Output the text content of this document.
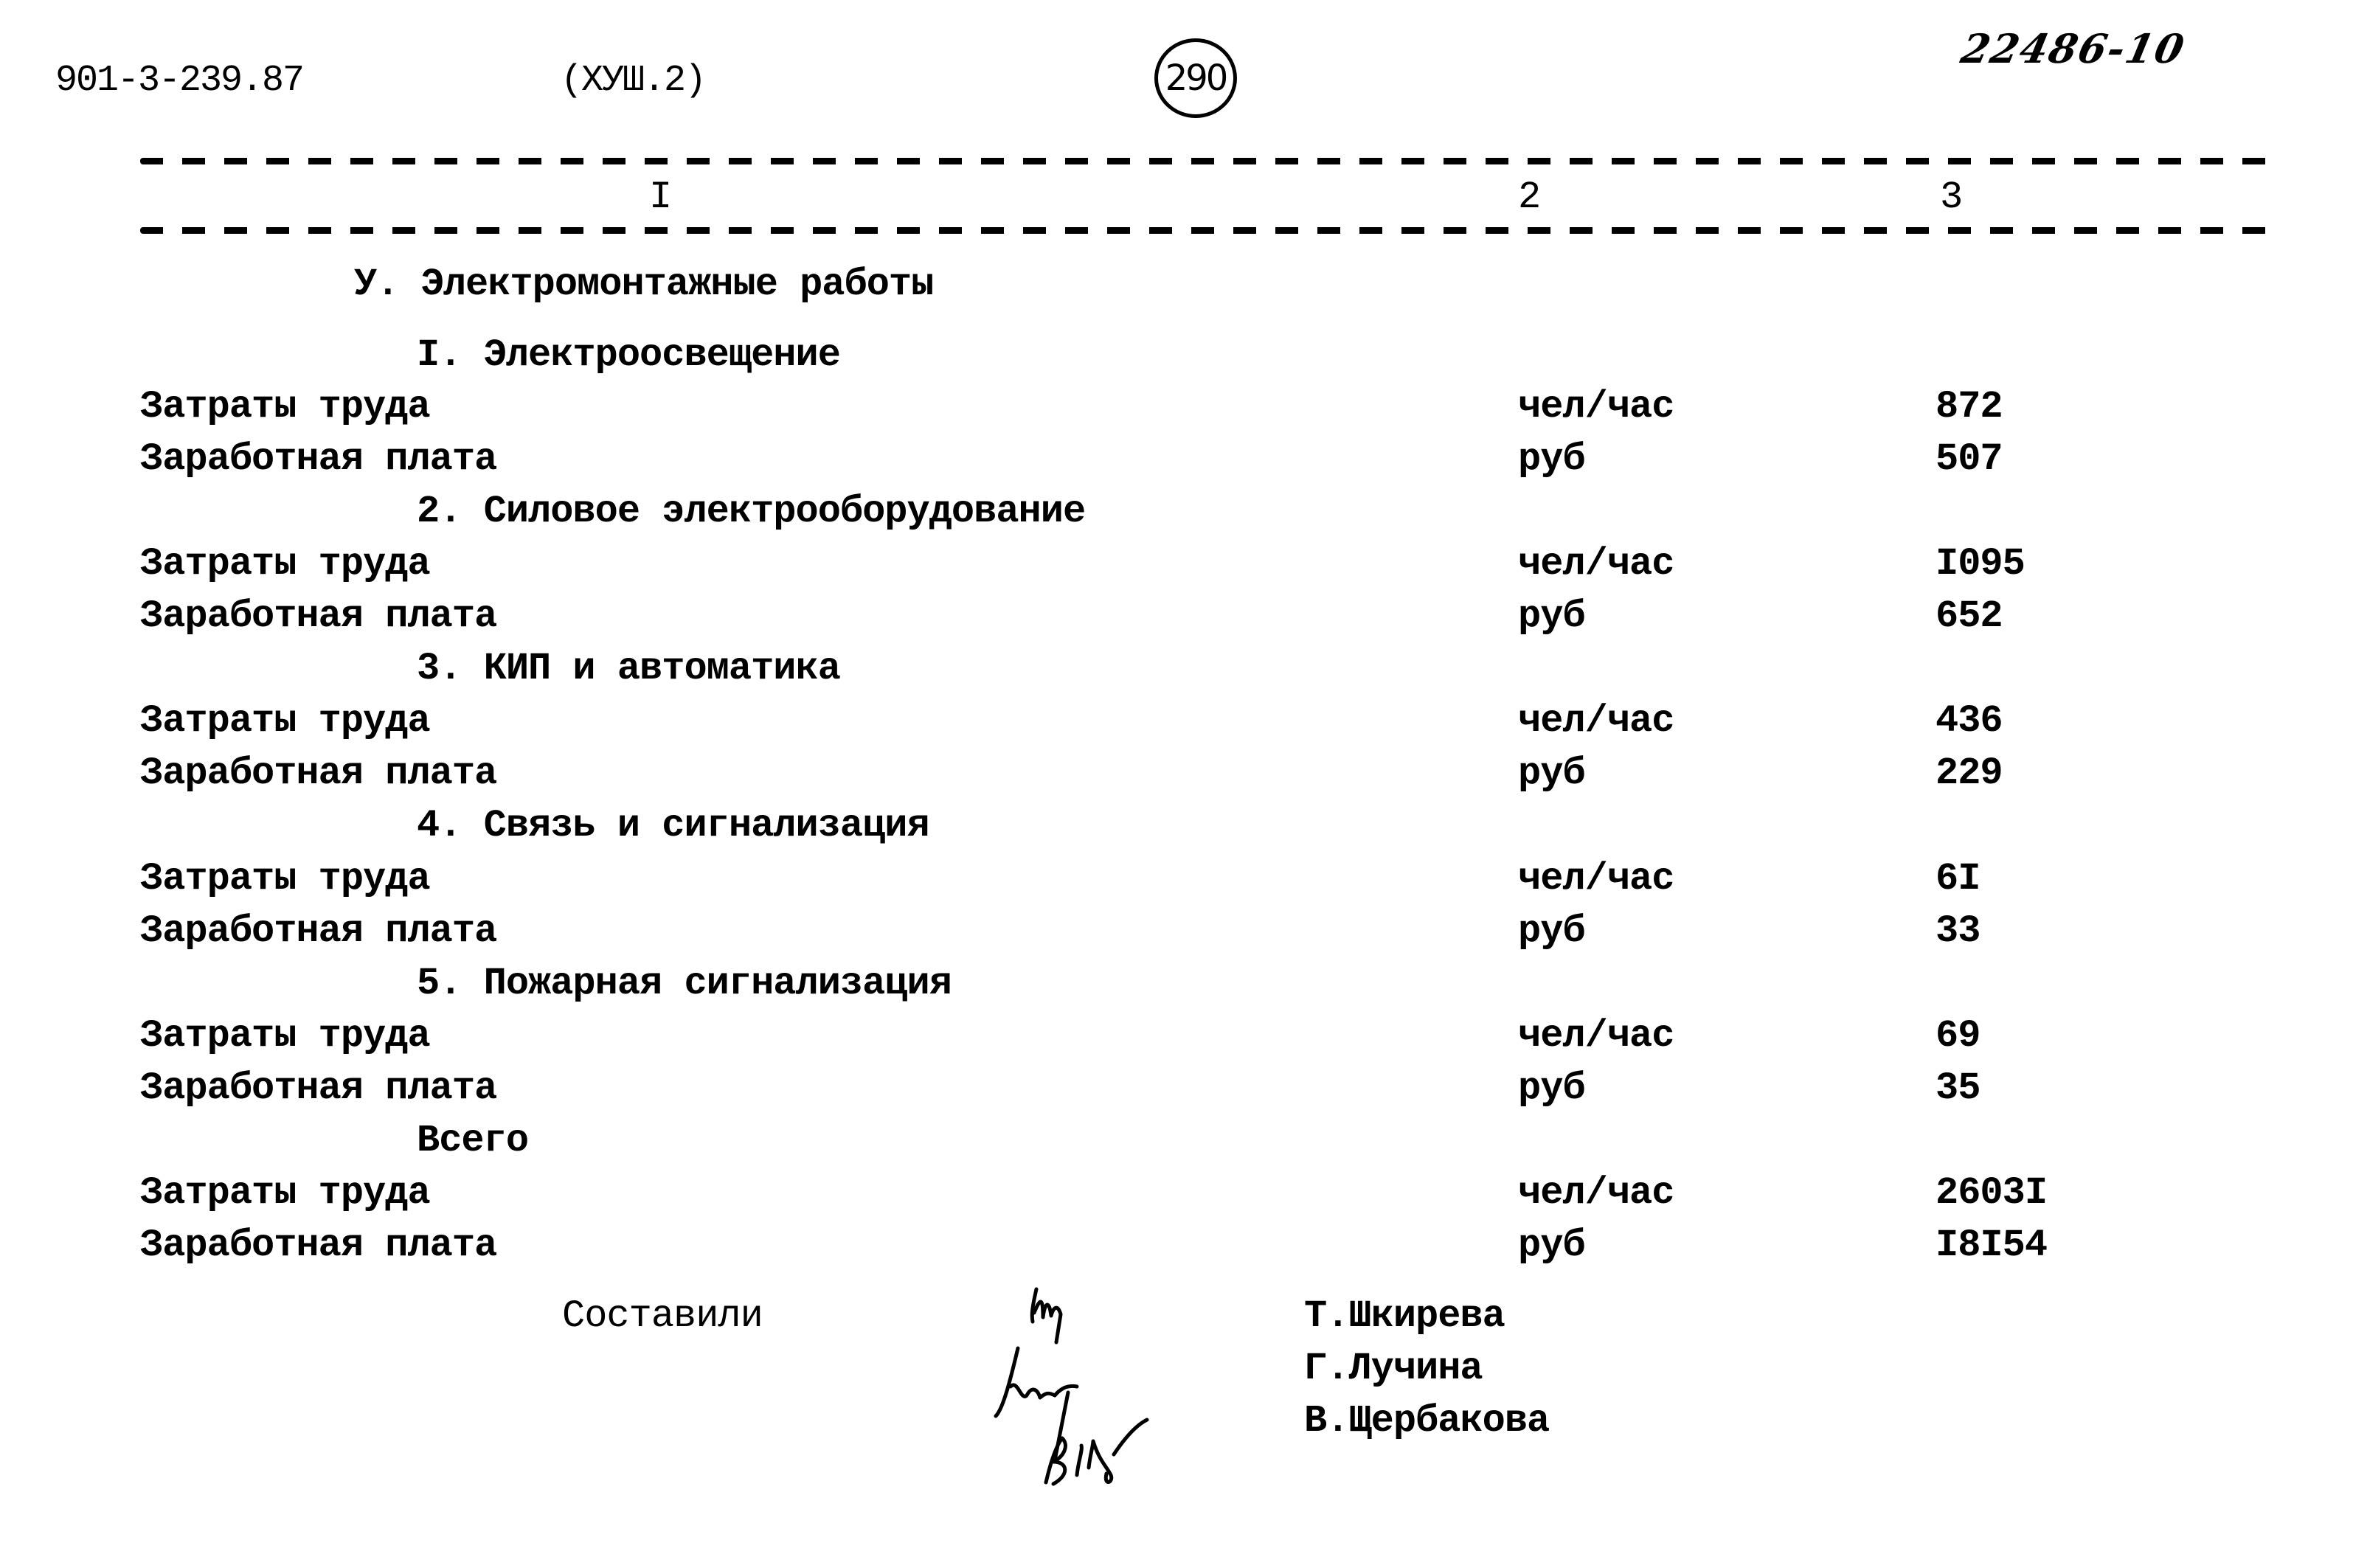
901-3-239.87	(ХУШ.2)	290
22486-10
I	2	3
У. Электромонтажные работы
I. Электроосвещение
Затраты труда	чел/час	872
Заработная плата	руб	507
2. Силовое электрооборудование
Затраты труда	чел/час	I095
Заработная плата	руб	652
3. КИП и автоматика
Затраты труда	чел/час	436
Заработная плата	руб	229
4. Связь и сигнализация
Затраты труда	чел/час	6I
Заработная плата	руб	33
5. Пожарная сигнализация
Затраты труда	чел/час	69
Заработная плата	руб	35
Всего
Затраты труда	чел/час	2603I
Заработная плата	руб	I8I54
Составили	Т.Шкирева
Г.Лучина
В.Щербакова
